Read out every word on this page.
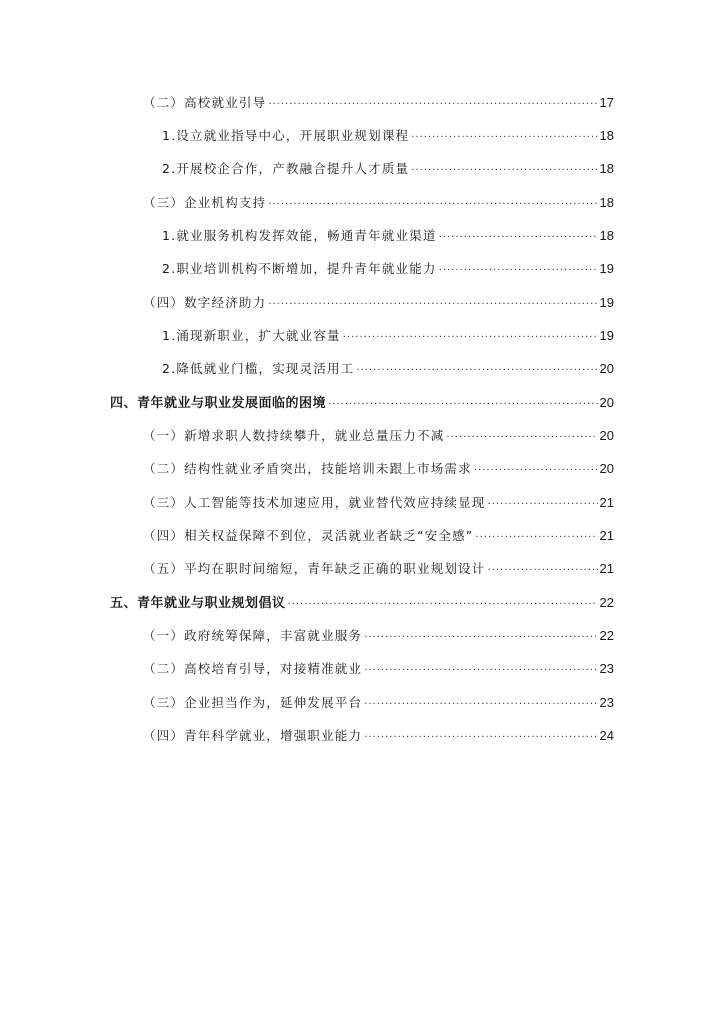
（二）高校就业引导 ·····	17
1.设立就业指导中心，开展职业规划课程 ·····	18
2.开展校企合作，产教融合提升人才质量 ·····	18
（三）企业机构支持 ·····	18
1.就业服务机构发挥效能，畅通青年就业渠道 ·····	18
2.职业培训机构不断增加，提升青年就业能力 ·····	19
（四）数字经济助力 ·····	19
1.涌现新职业，扩大就业容量 ·····	19
2.降低就业门槛，实现灵活用工 ·····	20
四、青年就业与职业发展面临的困境 ·····	20
（一）新增求职人数持续攀升，就业总量压力不减 ·····	20
（二）结构性就业矛盾突出，技能培训未跟上市场需求 ·····	20
（三）人工智能等技术加速应用，就业替代效应持续显现 ·····	21
（四）相关权益保障不到位，灵活就业者缺乏“安全感” ·····	21
（五）平均在职时间缩短，青年缺乏正确的职业规划设计 ·····	21
五、青年就业与职业规划倡议 ·····	22
（一）政府统筹保障，丰富就业服务 ·····	22
（二）高校培育引导，对接精准就业 ·····	23
（三）企业担当作为，延伸发展平台 ·····	23
（四）青年科学就业，增强职业能力 ·····	24
